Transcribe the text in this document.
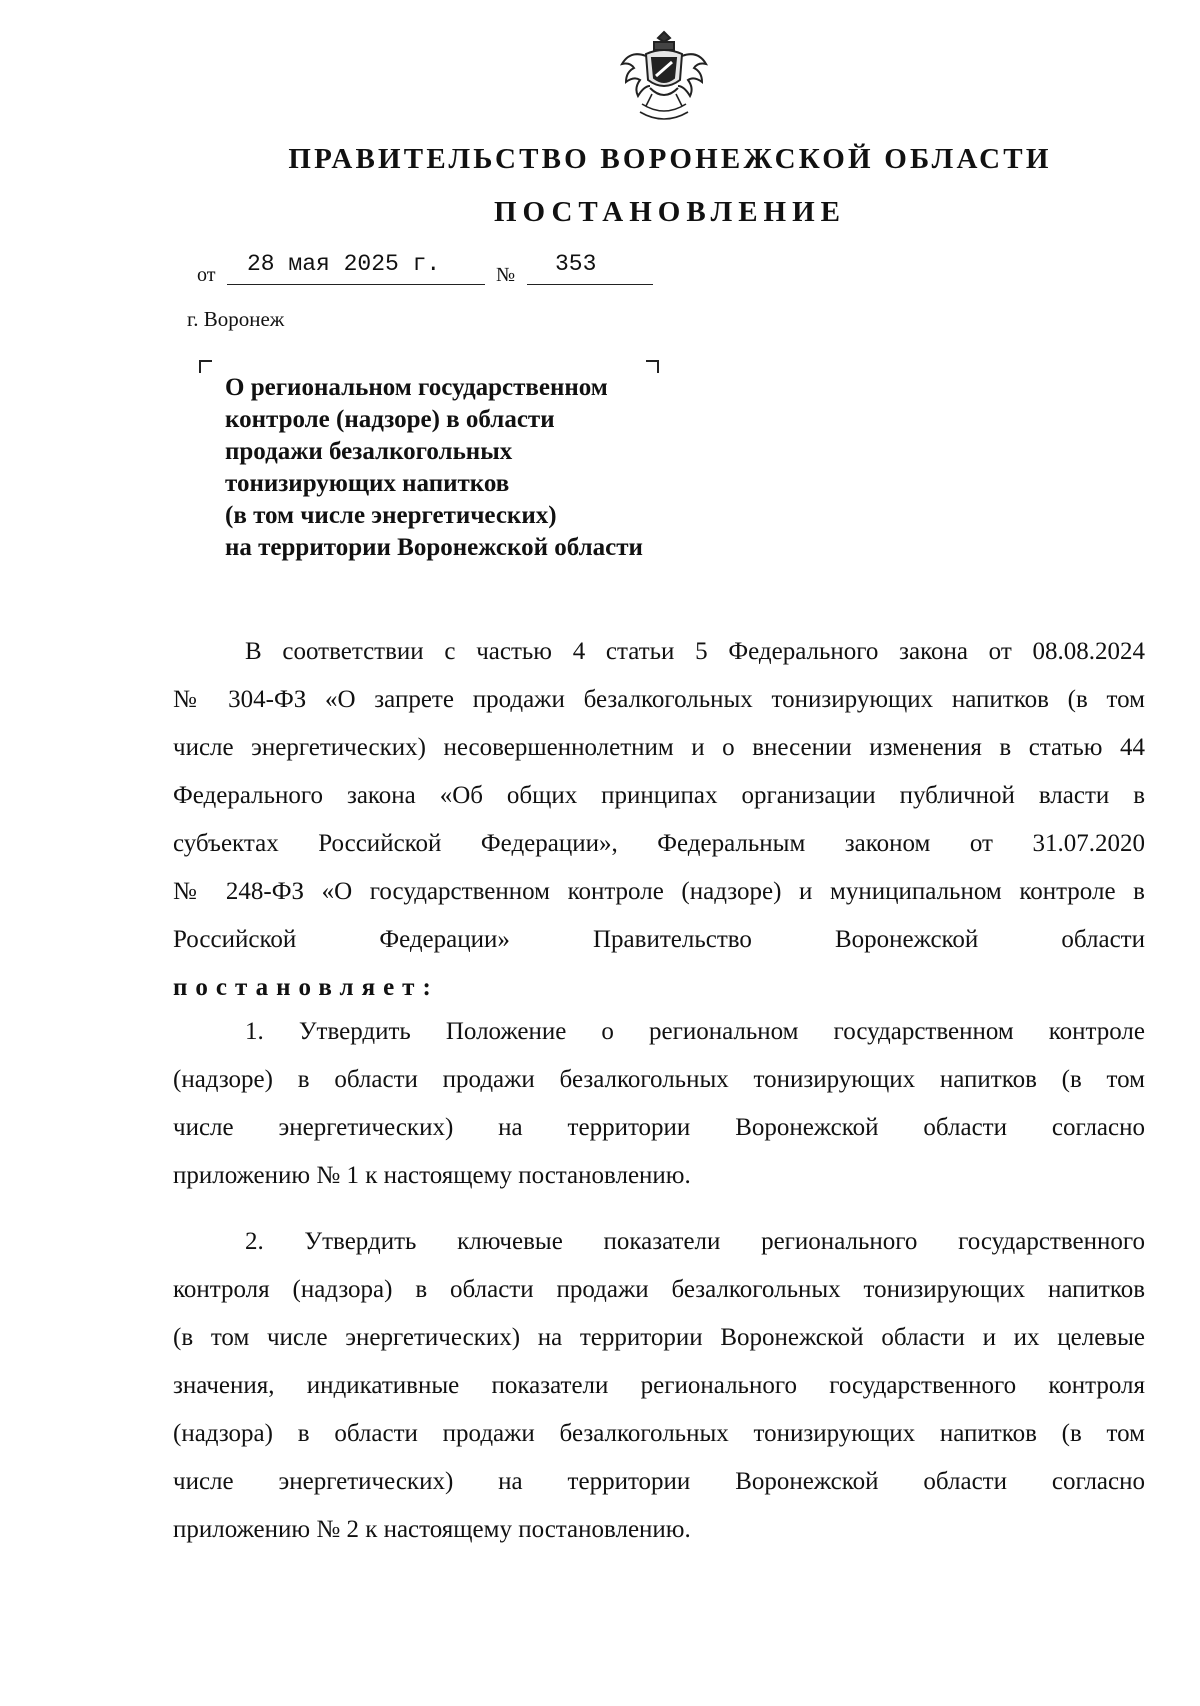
ПРАВИТЕЛЬСТВО ВОРОНЕЖСКОЙ ОБЛАСТИ
ПОСТАНОВЛЕНИЕ
от 28 мая 2025 г.	№ 353
г. Воронеж
О региональном государственном
контроле (надзоре) в области
продажи безалкогольных
тонизирующих напитков
(в том числе энергетических)
на территории Воронежской области
В соответствии с частью 4 статьи 5 Федерального закона от 08.08.2024
№ 304-ФЗ «О запрете продажи безалкогольных тонизирующих напитков (в том
числе энергетических) несовершеннолетним и о внесении изменения в статью 44
Федерального закона «Об общих принципах организации публичной власти в
субъектах Российской Федерации», Федеральным законом от 31.07.2020
№ 248-ФЗ «О государственном контроле (надзоре) и муниципальном контроле в
Российской Федерации» Правительство Воронежской области
постановляет:
1. Утвердить Положение о региональном государственном контроле
(надзоре) в области продажи безалкогольных тонизирующих напитков (в том
числе энергетических) на территории Воронежской области согласно
приложению № 1 к настоящему постановлению.
2. Утвердить ключевые показатели регионального государственного
контроля (надзора) в области продажи безалкогольных тонизирующих напитков
(в том числе энергетических) на территории Воронежской области и их целевые
значения, индикативные показатели регионального государственного контроля
(надзора) в области продажи безалкогольных тонизирующих напитков (в том
числе энергетических) на территории Воронежской области согласно
приложению № 2 к настоящему постановлению.
